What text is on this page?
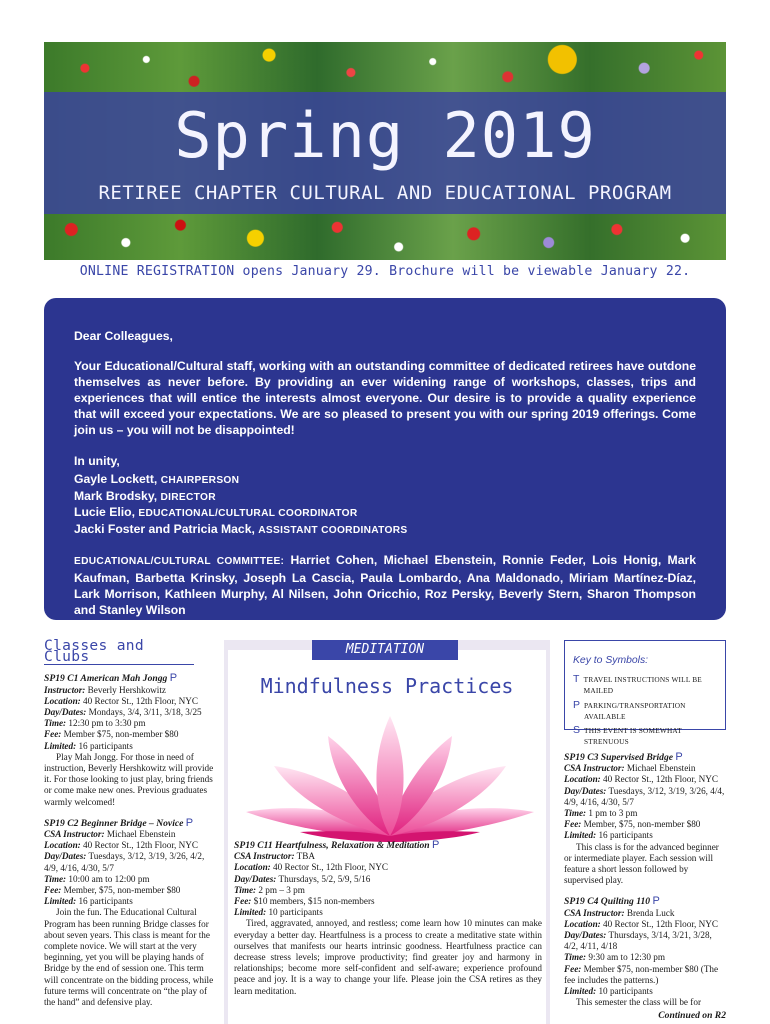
Spring 2019
RETIREE CHAPTER CULTURAL AND EDUCATIONAL PROGRAM
ONLINE REGISTRATION opens January 29. Brochure will be viewable January 22.

Dear Colleagues,

Your Educational/Cultural staff, working with an outstanding committee of dedicated retirees have outdone themselves as never before. By providing an ever widening range of workshops, classes, trips and experiences that will entice the interests almost everyone. Our desire is to provide a quality experience that will exceed your expectations. We are so pleased to present you with our spring 2019 offerings. Come join us – you will not be disappointed!
In unity,
Gayle Lockett, CHAIRPERSON
Mark Brodsky, DIRECTOR
Lucie Elio, EDUCATIONAL/CULTURAL COORDINATOR
Jacki Foster and Patricia Mack, ASSISTANT COORDINATORS
EDUCATIONAL/CULTURAL COMMITTEE: Harriet Cohen, Michael Ebenstein, Ronnie Feder, Lois Honig, Mark Kaufman, Barbetta Krinsky, Joseph La Cascia, Paula Lombardo, Ana Maldonado, Miriam Martínez-Díaz, Lark Morrison, Kathleen Murphy, Al Nilsen, John Oricchio, Roz Persky, Beverly Stern, Sharon Thompson and Stanley Wilson
Classes and Clubs
SP19 C1 American Mah Jongg P
Instructor: Beverly Hershkowitz
Location: 40 Rector St., 12th Floor, NYC
Day/Dates: Mondays, 3/4, 3/11, 3/18, 3/25
Time: 12:30 pm to 3:30 pm
Fee: Member $75, non-member $80
Limited: 16 participants
Play Mah Jongg. For those in need of instruction, Beverly Hershkowitz will provide it. For those looking to just play, bring friends or come make new ones. Previous graduates warmly welcomed!
SP19 C2 Beginner Bridge – Novice P
CSA Instructor: Michael Ebenstein
Location: 40 Rector St., 12th Floor, NYC
Day/Dates: Tuesdays, 3/12, 3/19, 3/26, 4/2, 4/9, 4/16, 4/30, 5/7
Time: 10:00 am to 12:00 pm
Fee: Member, $75, non-member $80
Limited: 16 participants
Join the fun. The Educational Cultural Program has been running Bridge classes for about seven years. This class is meant for the complete novice. We will start at the very beginning, yet you will be playing hands of Bridge by the end of session one. This term will concentrate on the bidding process, while future terms will concentrate on “the play of the hand” and defensive play.
Mindfulness Practices
SP19 C11 Heartfulness, Relaxation & Meditation P
CSA Instructor: TBA
Location: 40 Rector St., 12th Floor, NYC
Day/Dates: Thursdays, 5/2, 5/9, 5/16
Time: 2 pm – 3 pm
Fee: $10 members, $15 non-members
Limited: 10 participants
Tired, aggravated, annoyed, and restless; come learn how 10 minutes can make everyday a better day. Heartfulness is a process to create a meditative state within ourselves that manifests our hearts intrinsic goodness. Heartfulness practice can decrease stress levels; improve productivity; find greater joy and harmony in relationships; become more self-confident and self-aware; experience profound peace and joy. It is a way to change your life. Please join the CSA retires as they learn meditation.
MEDITATION
Key to Symbols:
T TRAVEL INSTRUCTIONS WILL BE MAILED
P PARKING/TRANSPORTATION AVAILABLE
S THIS EVENT IS SOMEWHAT STRENUOUS
SP19 C3 Supervised Bridge P
CSA Instructor: Michael Ebenstein
Location: 40 Rector St., 12th Floor, NYC
Day/Dates: Tuesdays, 3/12, 3/19, 3/26, 4/4, 4/9, 4/16, 4/30, 5/7
Time: 1 pm to 3 pm
Fee: Member, $75, non-member $80
Limited: 16 participants
This class is for the advanced beginner or intermediate player. Each session will feature a short lesson followed by supervised play.
SP19 C4 Quilting 110 P
CSA Instructor: Brenda Luck
Location: 40 Rector St., 12th Floor, NYC
Day/Dates: Thursdays, 3/14, 3/21, 3/28, 4/2, 4/11, 4/18
Time: 9:30 am to 12:30 pm
Fee: Member $75, non-member $80 (The fee includes the patterns.)
Limited: 10 participants
This semester the class will be for
Continued on R2
